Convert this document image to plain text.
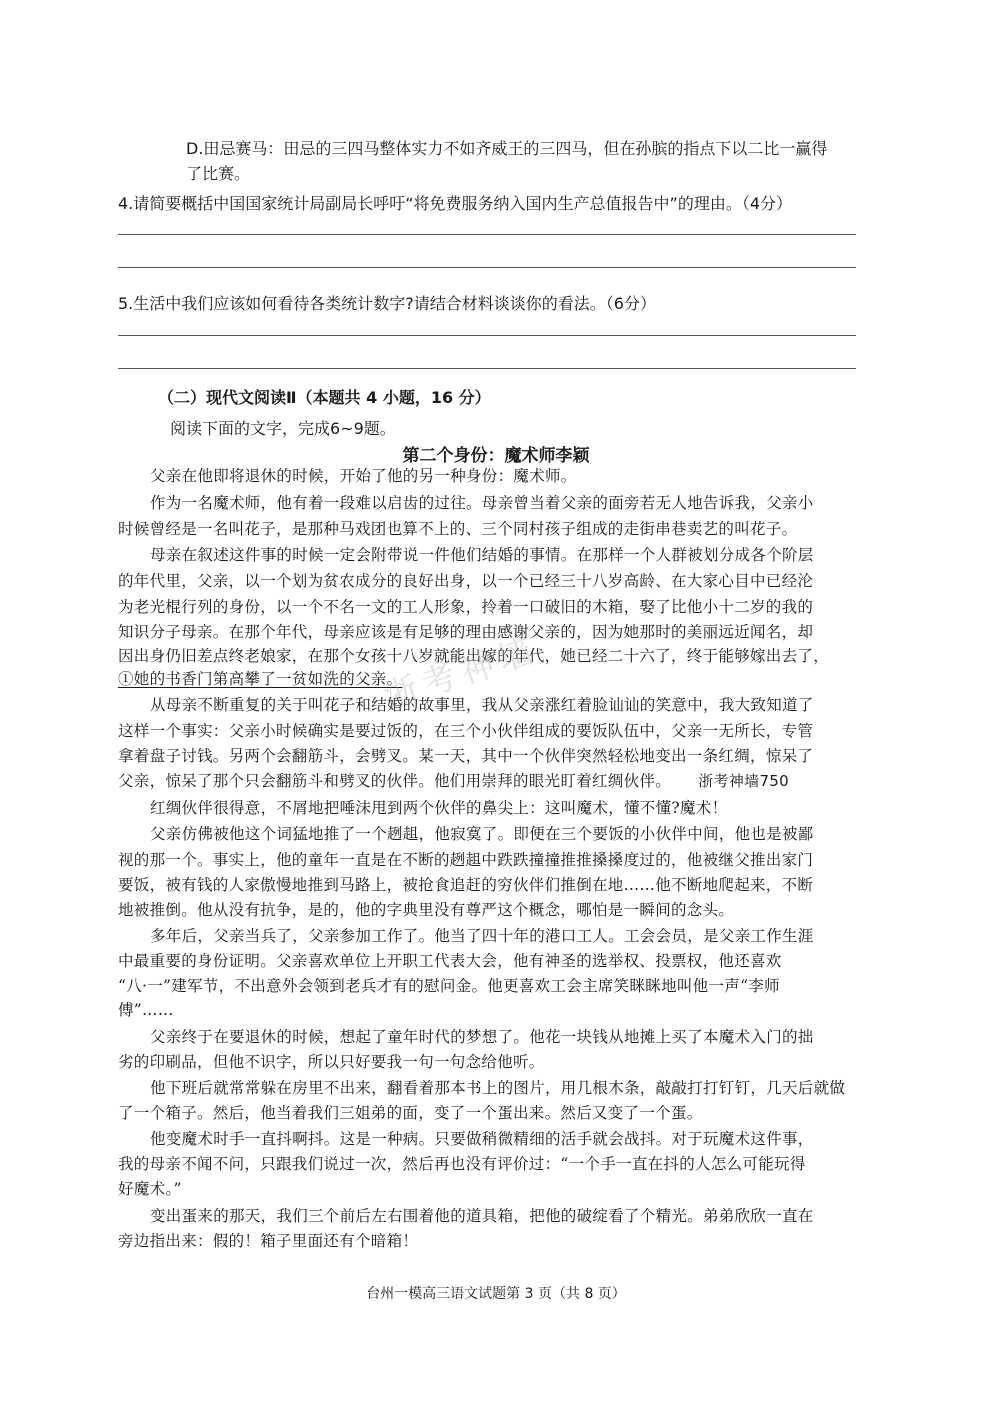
D.田忌赛马：田忌的三四马整体实力不如齐威王的三四马，但在孙膑的指点下以二比一赢得
了比赛。
4.请简要概括中国国家统计局副局长呼吁“将免费服务纳入国内生产总值报告中”的理由。（4分）
5.生活中我们应该如何看待各类统计数字?请结合材料谈谈你的看法。（6分）
（二）现代文阅读Ⅱ（本题共 4 小题，16 分）
阅读下面的文字，完成6~9题。
第二个身份：魔术师李颖
父亲在他即将退休的时候，开始了他的另一种身份：魔术师。
作为一名魔术师，他有着一段难以启齿的过往。母亲曾当着父亲的面旁若无人地告诉我，父亲小
时候曾经是一名叫花子，是那种马戏团也算不上的、三个同村孩子组成的走街串巷卖艺的叫花子。
母亲在叙述这件事的时候一定会附带说一件他们结婚的事情。在那样一个人群被划分成各个阶层
的年代里，父亲，以一个划为贫农成分的良好出身，以一个已经三十八岁高龄、在大家心目中已经沦
为老光棍行列的身份，以一个不名一文的工人形象，拎着一口破旧的木箱，娶了比他小十二岁的我的
知识分子母亲。在那个年代，母亲应该是有足够的理由感谢父亲的，因为她那时的美丽远近闻名，却
因出身仍旧差点终老娘家，在那个女孩十八岁就能出嫁的年代，她已经二十六了，终于能够嫁出去了，
①她的书香门第高攀了一贫如洗的父亲。
浙考神墙
从母亲不断重复的关于叫花子和结婚的故事里，我从父亲涨红着脸讪讪的笑意中，我大致知道了
这样一个事实：父亲小时候确实是要过饭的，在三个小伙伴组成的要饭队伍中，父亲一无所长，专管
拿着盘子讨钱。另两个会翻筋斗，会劈叉。某一天，其中一个伙伴突然轻松地变出一条红绸，惊呆了
父亲，惊呆了那个只会翻筋斗和劈叉的伙伴。他们用崇拜的眼光盯着红绸伙伴。 浙考神墙750
红绸伙伴很得意，不屑地把唾沫甩到两个伙伴的鼻尖上：这叫魔术，懂不懂?魔术！
父亲仿佛被他这个词猛地推了一个趔趄，他寂寞了。即便在三个要饭的小伙伴中间，他也是被鄙
视的那一个。事实上，他的童年一直是在不断的趔趄中跌跌撞撞推推搡搡度过的，他被继父推出家门
要饭，被有钱的人家傲慢地推到马路上，被抢食追赶的穷伙伴们推倒在地……他不断地爬起来，不断
地被推倒。他从没有抗争，是的，他的字典里没有尊严这个概念，哪怕是一瞬间的念头。
多年后，父亲当兵了，父亲参加工作了。他当了四十年的港口工人。工会会员，是父亲工作生涯
中最重要的身份证明。父亲喜欢单位上开职工代表大会，他有神圣的选举权、投票权，他还喜欢
“八·一”建军节，不出意外会领到老兵才有的慰问金。他更喜欢工会主席笑眯眯地叫他一声“李师
傅”……
父亲终于在要退休的时候，想起了童年时代的梦想了。他花一块钱从地摊上买了本魔术入门的拙
劣的印刷品，但他不识字，所以只好要我一句一句念给他听。
他下班后就常常躲在房里不出来，翻看着那本书上的图片，用几根木条，敲敲打打钉钉，几天后就做
了一个箱子。然后，他当着我们三姐弟的面，变了一个蛋出来。然后又变了一个蛋。
他变魔术时手一直抖啊抖。这是一种病。只要做稍微精细的活手就会战抖。对于玩魔术这件事，
我的母亲不闻不问，只跟我们说过一次，然后再也没有评价过：“一个手一直在抖的人怎么可能玩得
好魔术。”
变出蛋来的那天，我们三个前后左右围着他的道具箱，把他的破绽看了个精光。弟弟欣欣一直在
旁边指出来：假的！箱子里面还有个暗箱！
台州一模高三语文试题第 3 页（共 8 页）
